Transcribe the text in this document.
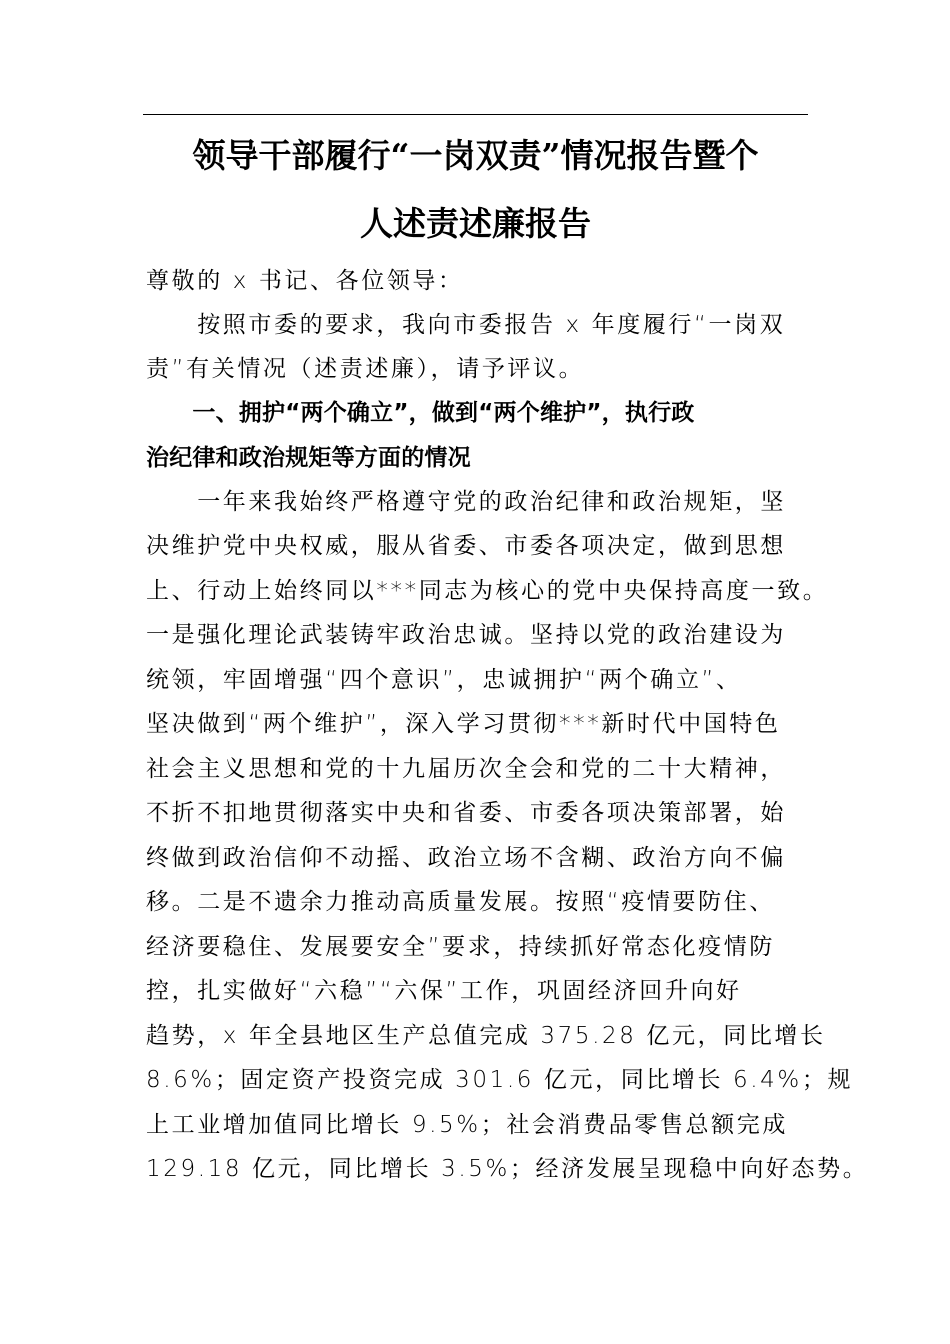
领导干部履行“一岗双责”情况报告暨个
人述责述廉报告
尊敬的 x 书记、各位领导：
　　按照市委的要求，我向市委报告 x 年度履行“一岗双
责”有关情况（述责述廉），请予评议。
　　一、拥护“两个确立”，做到“两个维护”，执行政
治纪律和政治规矩等方面的情况
　　一年来我始终严格遵守党的政治纪律和政治规矩，坚
决维护党中央权威，服从省委、市委各项决定，做到思想
上、行动上始终同以***同志为核心的党中央保持高度一致。
一是强化理论武装铸牢政治忠诚。坚持以党的政治建设为
统领，牢固增强“四个意识”，忠诚拥护“两个确立”、
坚决做到“两个维护”，深入学习贯彻***新时代中国特色
社会主义思想和党的十九届历次全会和党的二十大精神，
不折不扣地贯彻落实中央和省委、市委各项决策部署，始
终做到政治信仰不动摇、政治立场不含糊、政治方向不偏
移。二是不遗余力推动高质量发展。按照“疫情要防住、
经济要稳住、发展要安全”要求，持续抓好常态化疫情防
控，扎实做好“六稳”“六保”工作，巩固经济回升向好
趋势，x 年全县地区生产总值完成 375.28 亿元，同比增长
8.6%；固定资产投资完成 301.6 亿元，同比增长 6.4%；规
上工业增加值同比增长 9.5%；社会消费品零售总额完成
129.18 亿元，同比增长 3.5%；经济发展呈现稳中向好态势。
